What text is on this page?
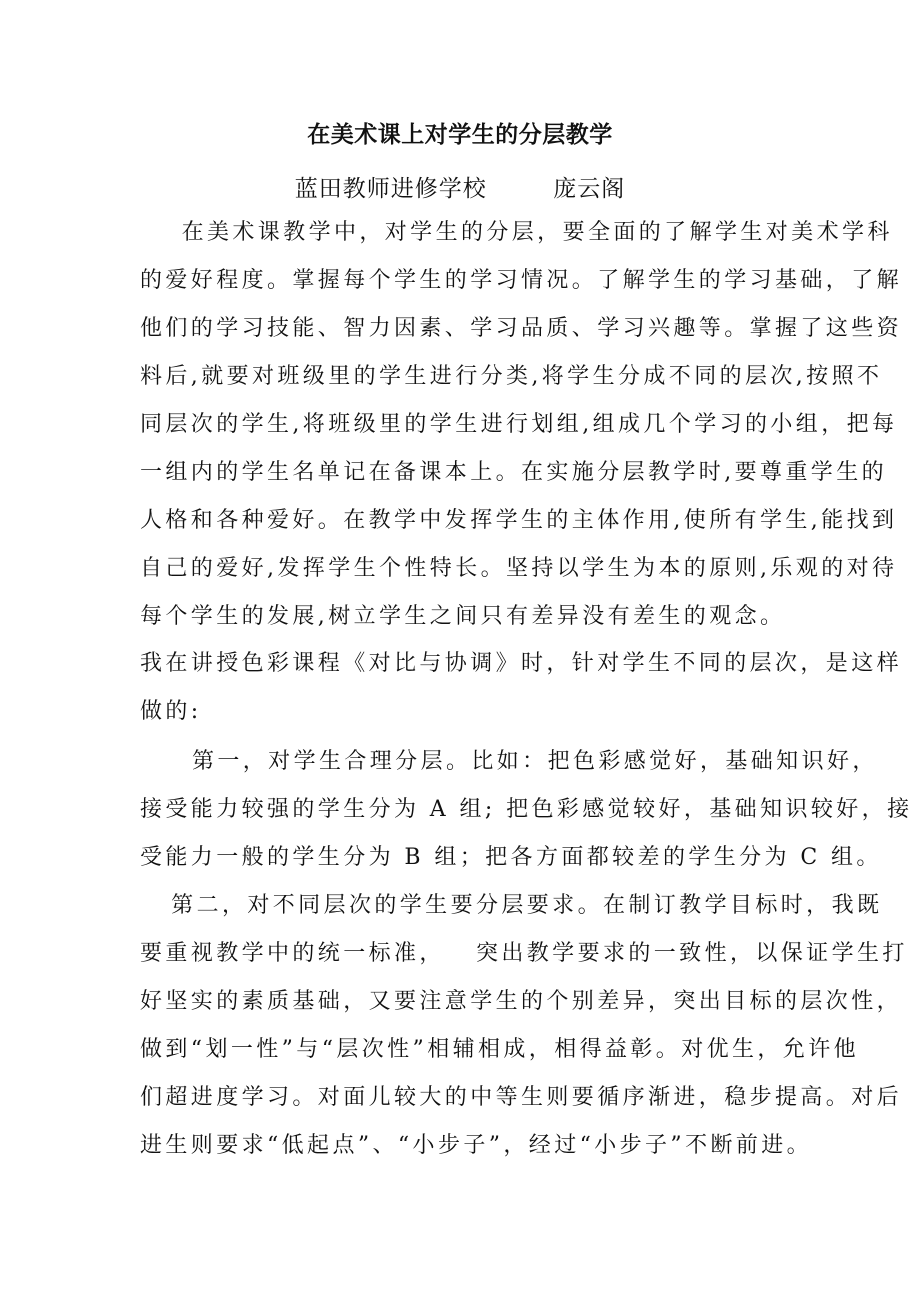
在美术课上对学生的分层教学
蓝田教师进修学校        庞云阁
在美术课教学中，对学生的分层，要全面的了解学生对美术学科
的爱好程度。掌握每个学生的学习情况。了解学生的学习基础，了解
他们的学习技能、智力因素、学习品质、学习兴趣等。掌握了这些资
料后,就要对班级里的学生进行分类,将学生分成不同的层次,按照不
同层次的学生,将班级里的学生进行划组,组成几个学习的小组，把每
一组内的学生名单记在备课本上。在实施分层教学时,要尊重学生的
人格和各种爱好。在教学中发挥学生的主体作用,使所有学生,能找到
自己的爱好,发挥学生个性特长。坚持以学生为本的原则,乐观的对待
每个学生的发展,树立学生之间只有差异没有差生的观念。
我在讲授色彩课程《对比与协调》时，针对学生不同的层次，是这样
做的:
第一，对学生合理分层。比如：把色彩感觉好，基础知识好，
接受能力较强的学生分为 A 组; 把色彩感觉较好，基础知识较好，接
受能力一般的学生分为 B 组；把各方面都较差的学生分为 C 组。
第二，对不同层次的学生要分层要求。在制订教学目标时，我既
要重视教学中的统一标准，   突出教学要求的一致性，以保证学生打
好坚实的素质基础，又要注意学生的个别差异，突出目标的层次性，
做到“划一性”与“层次性”相辅相成，相得益彰。对优生，允许他
们超进度学习。对面儿较大的中等生则要循序渐进，稳步提高。对后
进生则要求“低起点”、“小步子”，经过“小步子”不断前进。
